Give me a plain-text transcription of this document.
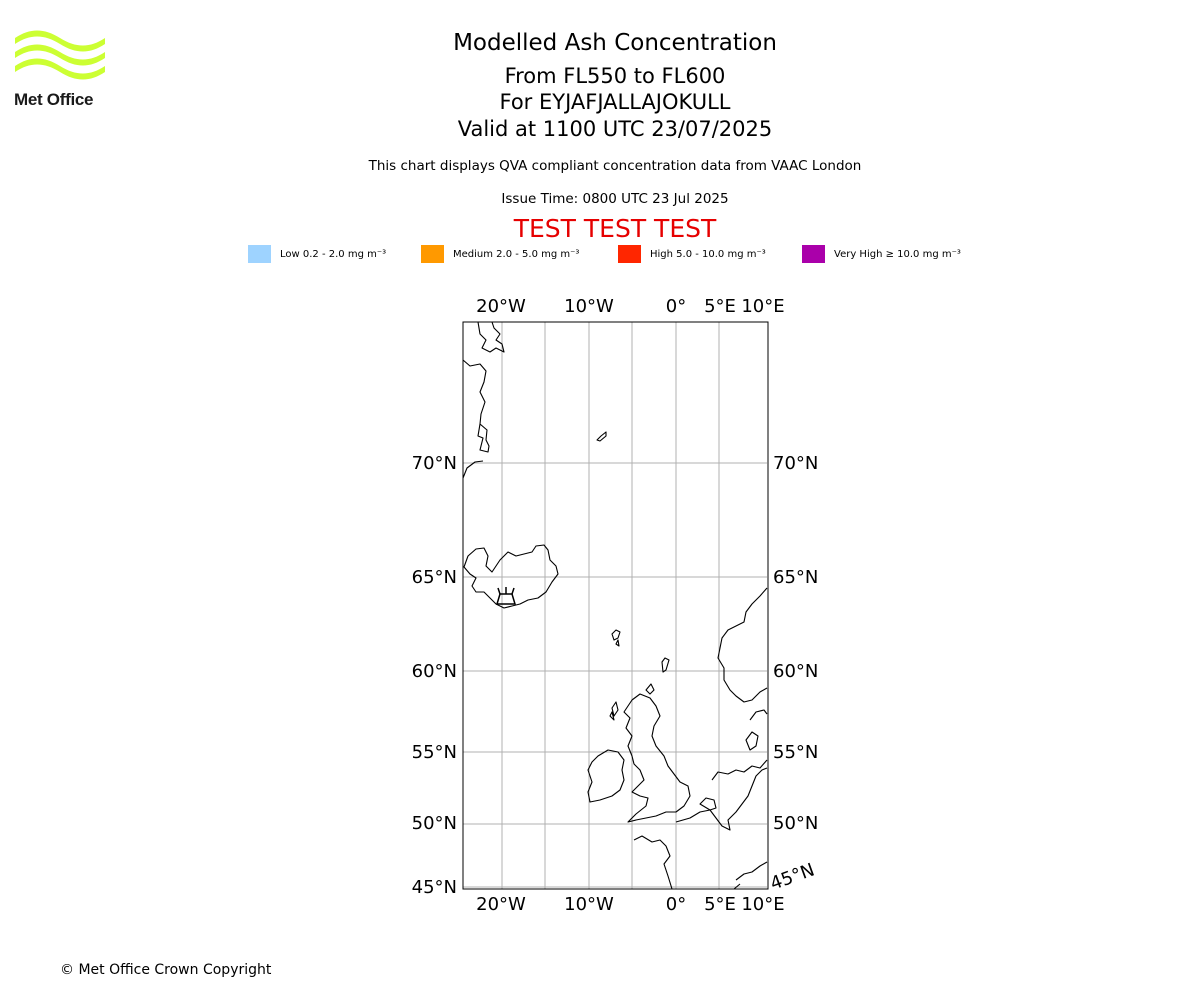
Met Office
Modelled Ash Concentration
From FL550 to FL600
For EYJAFJALLAJOKULL
Valid at 1100 UTC 23/07/2025
This chart displays QVA compliant concentration data from VAAC London
Issue Time: 0800 UTC 23 Jul 2025
TEST TEST TEST
Low 0.2 - 2.0 mg m⁻³	Medium 2.0 - 5.0 mg m⁻³	High 5.0 - 10.0 mg m⁻³	Very High ≥ 10.0 mg m⁻³
20°W 10°W	0° 5°E 10°E
20°W 10°W	0° 5°E 10°E
70°N
65°N
60°N
55°N
50°N
45°N
70°N
65°N
60°N
55°N
50°N
45°N
© Met Office Crown Copyright
